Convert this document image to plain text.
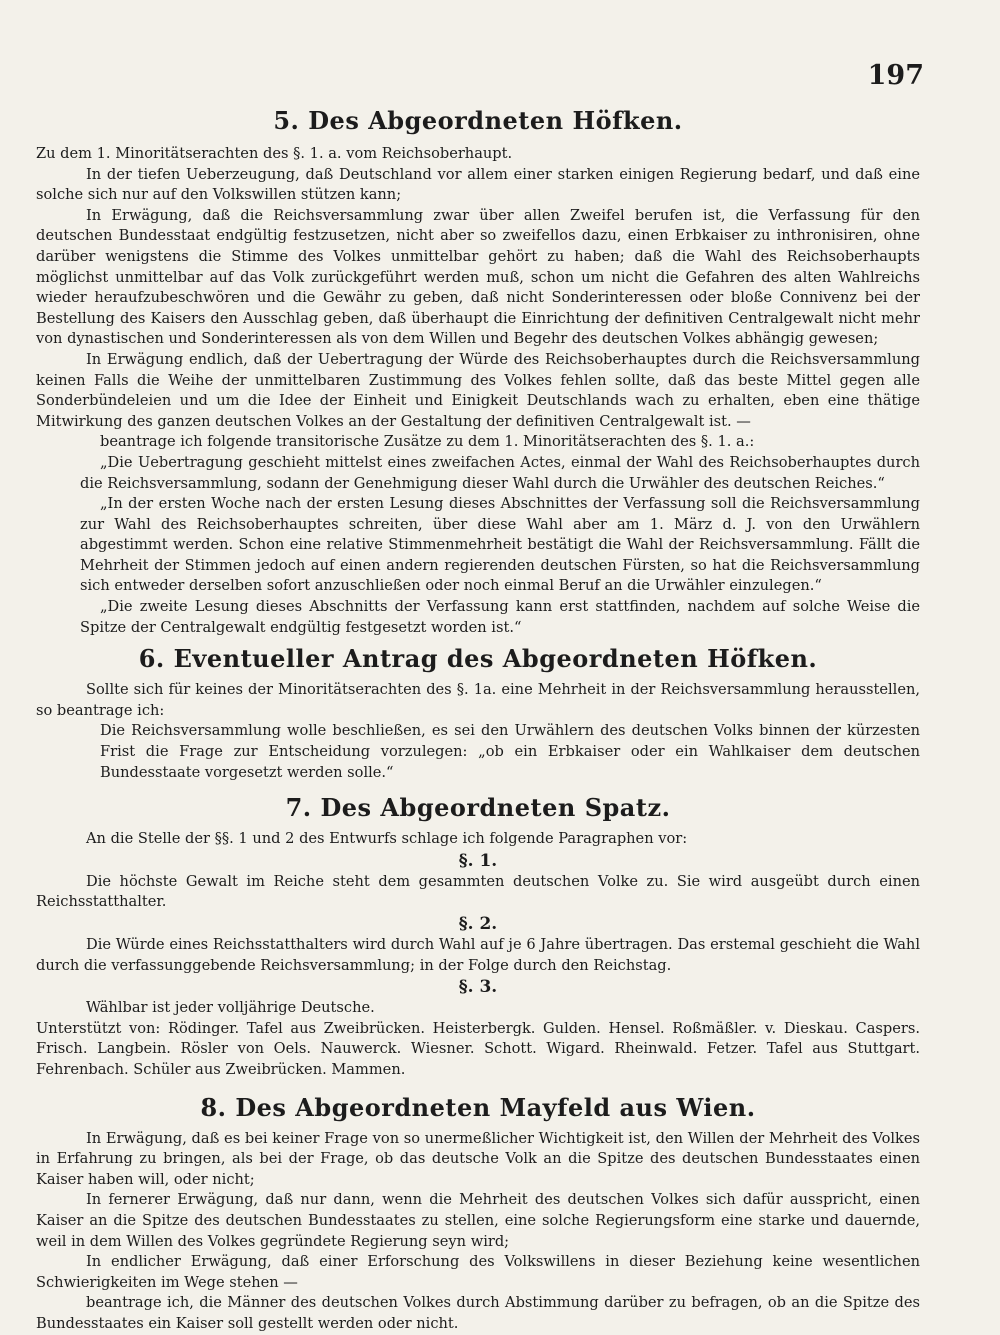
197
5. Des Abgeordneten Höfken.

Zu dem 1. Minoritätserachten des §. 1. a. vom Reichsoberhaupt.

In der tiefen Ueberzeugung, daß Deutschland vor allem einer starken einigen Regierung bedarf, und daß eine solche sich nur auf den Volkswillen stützen kann;

In Erwägung, daß die Reichsversammlung zwar über allen Zweifel berufen ist, die Verfassung für den deutschen Bundesstaat endgültig festzusetzen, nicht aber so zweifellos dazu, einen Erbkaiser zu inthronisiren, ohne darüber wenigstens die Stimme des Volkes unmittelbar gehört zu haben; daß die Wahl des Reichsoberhaupts möglichst unmittelbar auf das Volk zurückgeführt werden muß, schon um nicht die Gefahren des alten Wahlreichs wieder heraufzubeschwören und die Gewähr zu geben, daß nicht Sonderinteressen oder bloße Connivenz bei der Bestellung des Kaisers den Ausschlag geben, daß überhaupt die Einrichtung der definitiven Centralgewalt nicht mehr von dynastischen und Sonderinteressen als von dem Willen und Begehr des deutschen Volkes abhängig gewesen;

In Erwägung endlich, daß der Uebertragung der Würde des Reichsoberhauptes durch die Reichsversammlung keinen Falls die Weihe der unmittelbaren Zustimmung des Volkes fehlen sollte, daß das beste Mittel gegen alle Sonderbündeleien und um die Idee der Einheit und Einigkeit Deutschlands wach zu erhalten, eben eine thätige Mitwirkung des ganzen deutschen Volkes an der Gestaltung der definitiven Centralgewalt ist. —

beantrage ich folgende transitorische Zusätze zu dem 1. Minoritätserachten des §. 1. a.:

„Die Uebertragung geschieht mittelst eines zweifachen Actes, einmal der Wahl des Reichsoberhauptes durch die Reichsversammlung, sodann der Genehmigung dieser Wahl durch die Urwähler des deutschen Reiches.“

„In der ersten Woche nach der ersten Lesung dieses Abschnittes der Verfassung soll die Reichsversammlung zur Wahl des Reichsoberhauptes schreiten, über diese Wahl aber am 1. März d. J. von den Urwählern abgestimmt werden. Schon eine relative Stimmenmehrheit bestätigt die Wahl der Reichsversammlung. Fällt die Mehrheit der Stimmen jedoch auf einen andern regierenden deutschen Fürsten, so hat die Reichsversammlung sich entweder derselben sofort anzuschließen oder noch einmal Beruf an die Urwähler einzulegen.“

„Die zweite Lesung dieses Abschnitts der Verfassung kann erst stattfinden, nachdem auf solche Weise die Spitze der Centralgewalt endgültig festgesetzt worden ist.“

6. Eventueller Antrag des Abgeordneten Höfken.

Sollte sich für keines der Minoritätserachten des §. 1a. eine Mehrheit in der Reichsversammlung herausstellen, so beantrage ich:

Die Reichsversammlung wolle beschließen, es sei den Urwählern des deutschen Volks binnen der kürzesten Frist die Frage zur Entscheidung vorzulegen: „ob ein Erbkaiser oder ein Wahlkaiser dem deutschen Bundesstaate vorgesetzt werden solle.“

7. Des Abgeordneten Spatz.

An die Stelle der §§. 1 und 2 des Entwurfs schlage ich folgende Paragraphen vor:

§. 1.

Die höchste Gewalt im Reiche steht dem gesammten deutschen Volke zu. Sie wird ausgeübt durch einen Reichsstatthalter.

§. 2.

Die Würde eines Reichsstatthalters wird durch Wahl auf je 6 Jahre übertragen. Das erstemal geschieht die Wahl durch die verfassunggebende Reichsversammlung; in der Folge durch den Reichstag.

§. 3.

Wählbar ist jeder volljährige Deutsche.

Unterstützt von: Rödinger. Tafel aus Zweibrücken. Heisterbergk. Gulden. Hensel. Roßmäßler. v. Dieskau. Caspers. Frisch. Langbein. Rösler von Oels. Nauwerck. Wiesner. Schott. Wigard. Rheinwald. Fetzer. Tafel aus Stuttgart. Fehrenbach. Schüler aus Zweibrücken. Mammen.

8. Des Abgeordneten Mayfeld aus Wien.

In Erwägung, daß es bei keiner Frage von so unermeßlicher Wichtigkeit ist, den Willen der Mehrheit des Volkes in Erfahrung zu bringen, als bei der Frage, ob das deutsche Volk an die Spitze des deutschen Bundesstaates einen Kaiser haben will, oder nicht;

In fernerer Erwägung, daß nur dann, wenn die Mehrheit des deutschen Volkes sich dafür ausspricht, einen Kaiser an die Spitze des deutschen Bundesstaates zu stellen, eine solche Regierungsform eine starke und dauernde, weil in dem Willen des Volkes gegründete Regierung seyn wird;

In endlicher Erwägung, daß einer Erforschung des Volkswillens in dieser Beziehung keine wesentlichen Schwierigkeiten im Wege stehen —

beantrage ich, die Männer des deutschen Volkes durch Abstimmung darüber zu befragen, ob an die Spitze des Bundesstaates ein Kaiser soll gestellt werden oder nicht.
